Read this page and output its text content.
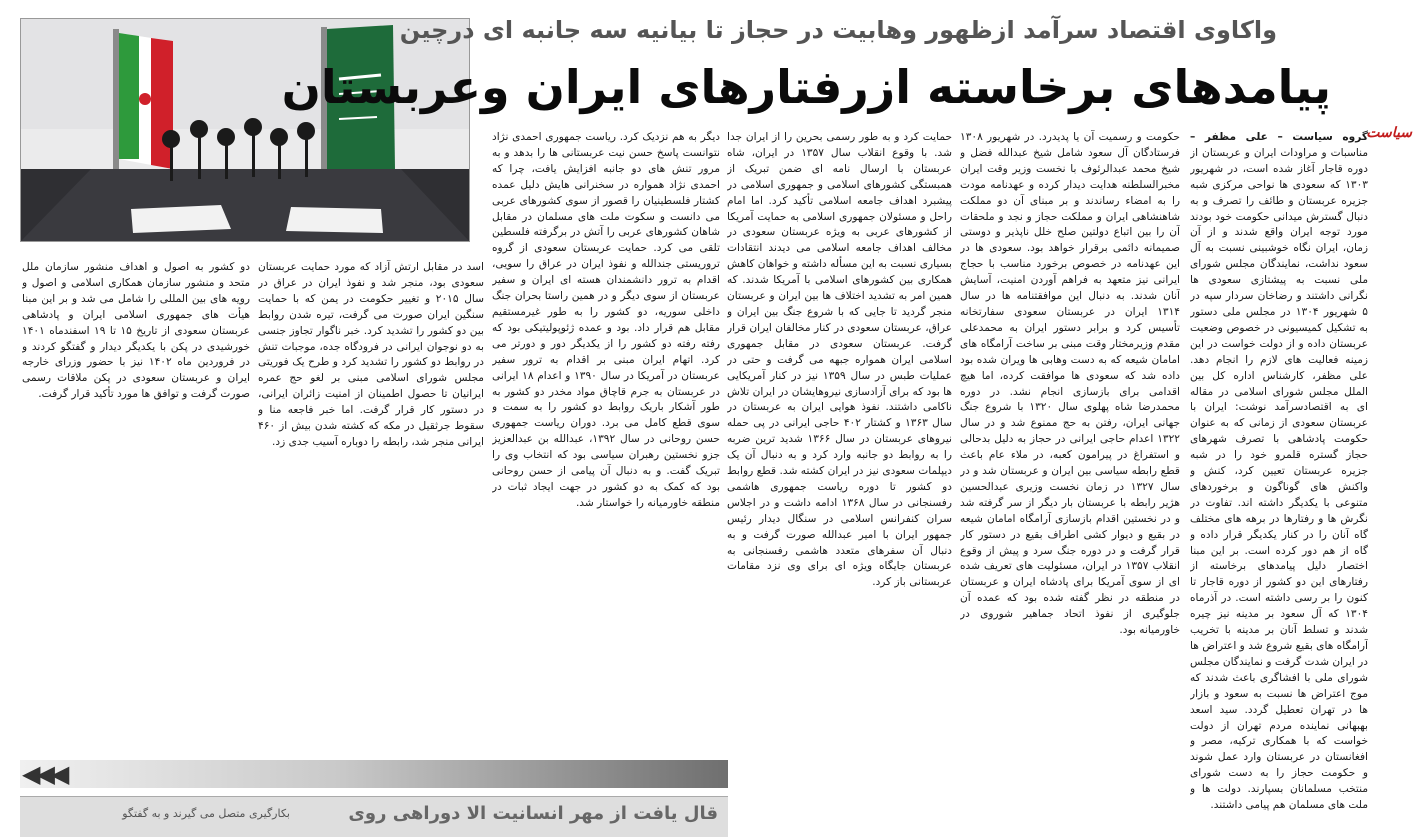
واکاوی اقتصاد سرآمد ازظهور وهابیت در حجاز تا بیانیه سه جانبه ای درچین
پیامدهای برخاسته ازرفتارهای ایران وعربستان
سیاست

گروه سیاست – علی مظفر – مناسبات و مراودات ایران و عربستان از دوره قاجار آغاز شده است، در شهریور ۱۳۰۳ که سعودی ها نواحی مرکزی شبه جزیره عربستان و طائف را تصرف و به دنبال گسترش میدانی حکومت خود بودند مورد توجه ایران واقع شدند و از آن زمان، ایران نگاه خوشبینی نسبت به آل سعود نداشت، نمایندگان مجلس شورای ملی نسبت به پیشتازی سعودی ها نگرانی داشتند و رضاخان سردار سپه در ۵ شهریور ۱۳۰۴ در مجلس ملی دستور به تشکیل کمیسیونی در خصوص وضعیت عربستان داده و از دولت خواست در این زمینه فعالیت های لازم را انجام دهد. علی مظفر، کارشناس اداره کل بین الملل مجلس شورای اسلامی در مقاله ای به اقتصادسرآمد نوشت: ایران با عربستان سعودی از زمانی که به عنوان حکومت پادشاهی با تصرف شهرهای حجاز گستره قلمرو خود را در شبه جزیره عربستان تعیین کرد، کنش و واکنش های گوناگون و برخوردهای متنوعی با یکدیگر داشته اند. تفاوت در نگرش ها و رفتارها در برهه های مختلف گاه آنان را در کنار یکدیگر قرار داده و گاه از هم دور کرده است. بر این مبنا اختصار دلیل پیامدهای برخاسته از رفتارهای این دو کشور از دوره قاجار تا کنون را بر رسی داشته است. در آذرماه ۱۳۰۴ که آل سعود بر مدینه نیز چیره شدند و تسلط آنان بر مدینه با تخریب آرامگاه های بقیع شروع شد و اعتراض ها در ایران شدت گرفت و نمایندگان مجلس شورای ملی با افشاگری باعث شدند که موج اعتراض ها نسبت به سعود و بازار ها در تهران تعطیل گردد. سید اسعد بهبهانی نماینده مردم تهران از دولت خواست که با همکاری ترکیه، مصر و افغانستان در عربستان وارد عمل شوند و حکومت حجاز را به دست شورای منتخب مسلمانان بسپارند. دولت ها و ملت های مسلمان هم پیامی داشتند.

حکومت و رسمیت آن یا پدیدرد. در شهریور ۱۳۰۸ فرستادگان آل سعود شامل شیخ عبدالله فضل و شیخ محمد عبدالرئوف با نخست وزیر وقت ایران مخبرالسلطنه هدایت دیدار کرده و عهدنامه مودت را به امضاء رساندند و بر مبنای آن دو مملکت شاهنشاهی ایران و مملکت حجاز و نجد و ملحقات آن را بین اتباع دولتین صلح خلل ناپذیر و دوستی صمیمانه دائمی برقرار خواهد بود. سعودی ها در این عهدنامه در خصوص برخورد مناسب با حجاج ایرانی نیز متعهد به فراهم آوردن امنیت، آسایش آنان شدند. به دنبال این موافقتنامه ها در سال ۱۳۱۴ ایران در عربستان سعودی سفارتخانه تأسیس کرد و برابر دستور ایران به محمدعلی مقدم وزیرمختار وقت مبنی بر ساخت آرامگاه های امامان شیعه که به دست وهابی ها ویران شده بود داده شد که سعودی ها موافقت کرده، اما هیچ اقدامی برای بازسازی انجام نشد. در دوره محمدرضا شاه پهلوی سال ۱۳۲۰ با شروع جنگ جهانی ایران، رفتن به حج ممنوع شد و در سال ۱۳۲۲ اعدام حاجی ایرانی در حجاز به دلیل بدحالی و استفراغ در پیرامون کعبه، در ملاء عام باعث قطع رابطه سیاسی بین ایران و عربستان شد و در سال ۱۳۲۷ در زمان نخست وزیری عبدالحسین هژیر رابطه با عربستان بار دیگر از سر گرفته شد و در نخستین اقدام بازسازی آرامگاه امامان شیعه در بقیع و دیوار کشی اطراف بقیع در دستور کار قرار گرفت و در دوره جنگ سرد و پیش از وقوع انقلاب ۱۳۵۷ در ایران، مسئولیت های تعریف شده ای از سوی آمریکا برای پادشاه ایران و عربستان در منطقه در نظر گفته شده بود که عمده آن جلوگیری از نفوذ اتحاد جماهیر شوروی در خاورمیانه بود.

حمایت کرد و به طور رسمی بحرین را از ایران جدا شد. با وقوع انقلاب سال ۱۳۵۷ در ایران، شاه عربستان با ارسال نامه ای ضمن تبریک از همبستگی کشورهای اسلامی و جمهوری اسلامی در پیشبرد اهداف جامعه اسلامی تأکید کرد. اما امام راحل و مسئولان جمهوری اسلامی به حمایت آمریکا از کشورهای عربی به ویژه عربستان سعودی در مخالف اهداف جامعه اسلامی می دیدند انتقادات بسیاری نسبت به این مسأله داشته و خواهان کاهش همکاری بین کشورهای اسلامی با آمریکا شدند. که همین امر به تشدید اختلاف ها بین ایران و عربستان منجر گردید تا جایی که با شروع جنگ بین ایران و عراق، عربستان سعودی در کنار مخالفان ایران قرار گرفت. عربستان سعودی در مقابل جمهوری اسلامی ایران همواره جبهه می گرفت و حتی در عملیات طبس در سال ۱۳۵۹ نیز در کنار آمریکایی ها بود که برای آزادسازی نیروهایشان در ایران تلاش ناکامی داشتند. نفوذ هوایی ایران به عربستان در سال ۱۳۶۳ و کشتار ۴۰۲ حاجی ایرانی در پی حمله نیروهای عربستان در سال ۱۳۶۶ شدید ترین ضربه را به روابط دو جانبه وارد کرد و به دنبال آن یک دیپلمات سعودی نیز در ایران کشته شد. قطع روابط دو کشور تا دوره ریاست جمهوری هاشمی رفسنجانی در سال ۱۳۶۸ ادامه داشت و در اجلاس سران کنفرانس اسلامی در سنگال دیدار رئیس جمهور ایران با امیر عبدالله صورت گرفت و به دنبال آن سفرهای متعدد هاشمی رفسنجانی به عربستان جایگاه ویژه ای برای وی نزد مقامات عربستانی باز کرد.

دیگر به هم نزدیک کرد. ریاست جمهوری احمدی نژاد نتوانست پاسخ حسن نیت عربستانی ها را بدهد و به مرور تنش های دو جانبه افزایش یافت، چرا که احمدی نژاد همواره در سخنرانی هایش دلیل عمده کشتار فلسطینیان را قصور از سوی کشورهای عربی می دانست و سکوت ملت های مسلمان در مقابل شاهان کشورهای عربی را آتش در برگرفته فلسطین تلقی می کرد. حمایت عربستان سعودی از گروه تروریستی جندالله و نفوذ ایران در عراق را سویی، اقدام به ترور دانشمندان هسته ای ایران و سفیر عربستان از سوی دیگر و در همین راستا بحران جنگ داخلی سوریه، دو کشور را به طور غیرمستقیم مقابل هم قرار داد. بود و عمده ژئوپولیتیکی بود که رفته رفته دو کشور را از یکدیگر دور و دورتر می کرد. اتهام ایران مبنی بر اقدام به ترور سفیر عربستان در آمریکا در سال ۱۳۹۰ و اعدام ۱۸ ایرانی در عربستان به جرم قاچاق مواد مخدر دو کشور به طور آشکار باریک روابط دو کشور را به سمت و سوی قطع کامل می برد. دوران ریاست جمهوری حسن روحانی در سال ۱۳۹۲، عبدالله بن عبدالعزیز جزو نخستین رهبران سیاسی بود که انتخاب وی را تبریک گفت. و به دنبال آن پیامی از حسن روحانی بود که کمک به دو کشور در جهت ایجاد ثبات در منطقه خاورمیانه را خواستار شد.

اسد در مقابل ارتش آزاد که مورد حمایت عربستان سعودی بود، منجر شد و نفوذ ایران در عراق در سال ۲۰۱۵ و تغییر حکومت در یمن که با حمایت سنگین ایران صورت می گرفت، تیره شدن روابط بین دو کشور را تشدید کرد. خبر ناگوار تجاوز جنسی به دو نوجوان ایرانی در فرودگاه جده، موجبات تنش در روابط دو کشور را تشدید کرد و طرح یک فوریتی مجلس شورای اسلامی مبنی بر لغو حج عمره ایرانیان تا حصول اطمینان از امنیت زائران ایرانی، در دستور کار قرار گرفت. اما خبر فاجعه منا و سقوط جرثقیل در مکه که کشته شدن بیش از ۴۶۰ ایرانی منجر شد، رابطه را دوباره آسیب جدی زد.

دو کشور به اصول و اهداف منشور سازمان ملل متحد و منشور سازمان همکاری اسلامی و اصول و رویه های بین المللی را شامل می شد و بر این مبنا هیأت های جمهوری اسلامی ایران و پادشاهی عربستان سعودی از تاریخ ۱۵ تا ۱۹ اسفندماه ۱۴۰۱ خورشیدی در پکن با یکدیگر دیدار و گفتگو کردند و در فروردین ماه ۱۴۰۲ نیز با حضور وزرای خارجه ایران و عربستان سعودی در پکن ملاقات رسمی صورت گرفت و توافق ها مورد تأکید قرار گرفت.

◀◀◀
قال یافت از مهر انسانیت الا دوراهی روی
بکارگیری متصل می گیرند و به گفتگو
